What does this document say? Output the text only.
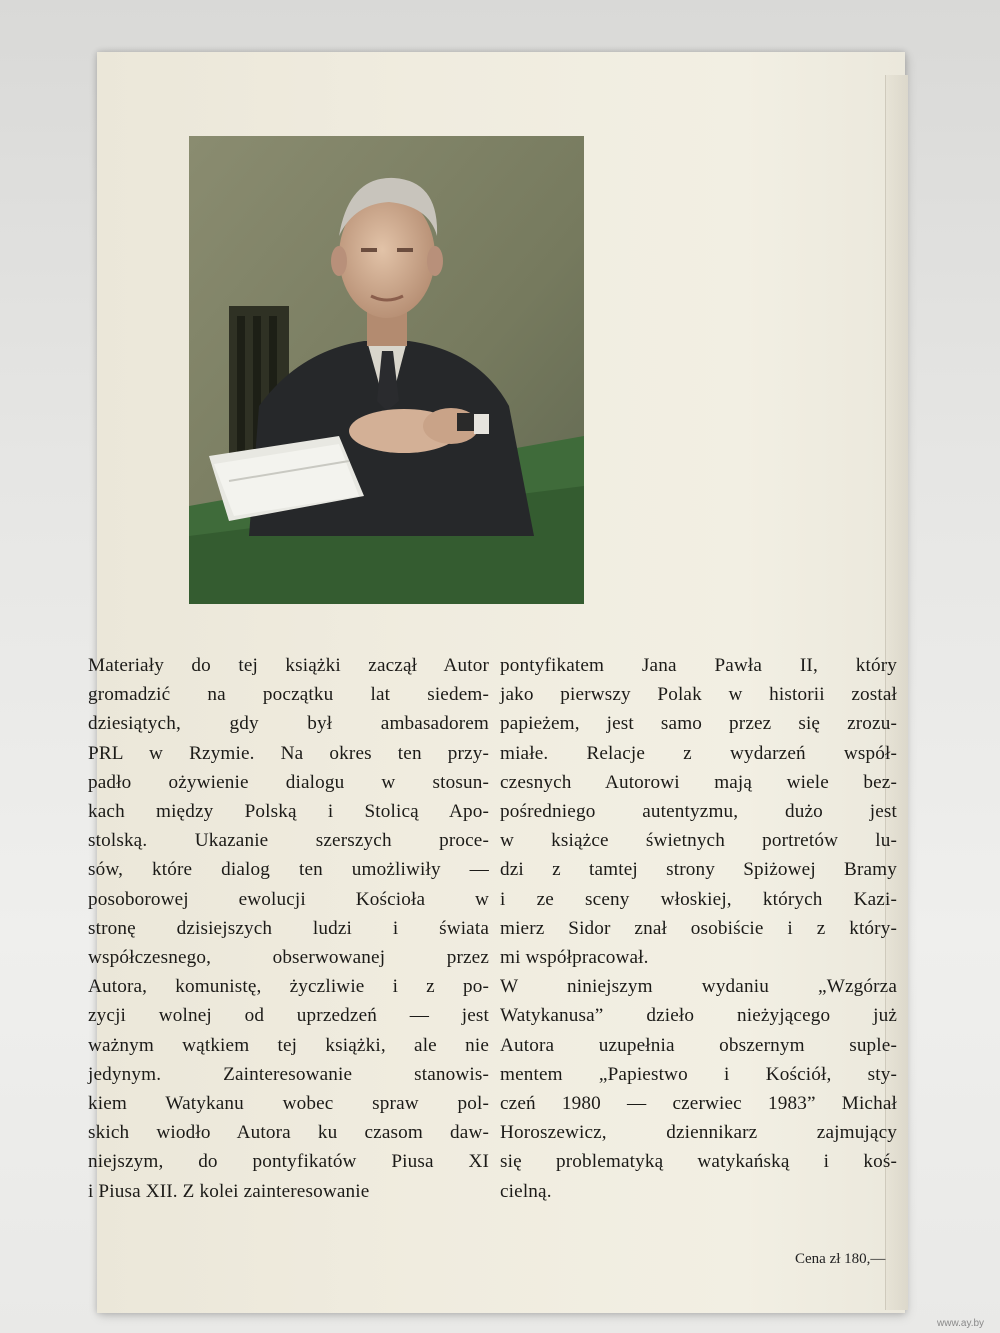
Materiały do tej książki zaczął Autor
gromadzić na początku lat siedem-
dziesiątych, gdy był ambasadorem
PRL w Rzymie. Na okres ten przy-
padło ożywienie dialogu w stosun-
kach między Polską i Stolicą Apo-
stolską. Ukazanie szerszych proce-
sów, które dialog ten umożliwiły —
posoborowej ewolucji Kościoła w
stronę dzisiejszych ludzi i świata
współczesnego, obserwowanej przez
Autora, komunistę, życzliwie i z po-
zycji wolnej od uprzedzeń — jest
ważnym wątkiem tej książki, ale nie
jedynym. Zainteresowanie stanowis-
kiem Watykanu wobec spraw pol-
skich wiodło Autora ku czasom daw-
niejszym, do pontyfikatów Piusa XI
i Piusa XII. Z kolei zainteresowanie
pontyfikatem Jana Pawła II, który
jako pierwszy Polak w historii został
papieżem, jest samo przez się zrozu-
miałe. Relacje z wydarzeń współ-
czesnych Autorowi mają wiele bez-
pośredniego autentyzmu, dużo jest
w książce świetnych portretów lu-
dzi z tamtej strony Spiżowej Bramy
i ze sceny włoskiej, których Kazi-
mierz Sidor znał osobiście i z który-
mi współpracował.
W niniejszym wydaniu „Wzgórza
Watykanusa” dzieło nieżyjącego już
Autora uzupełnia obszernym suple-
mentem „Papiestwo i Kościół, sty-
czeń 1980 — czerwiec 1983” Michał
Horoszewicz, dziennikarz zajmujący
się problematyką watykańską i koś-
cielną.
Cena zł 180,—
www.ay.by
